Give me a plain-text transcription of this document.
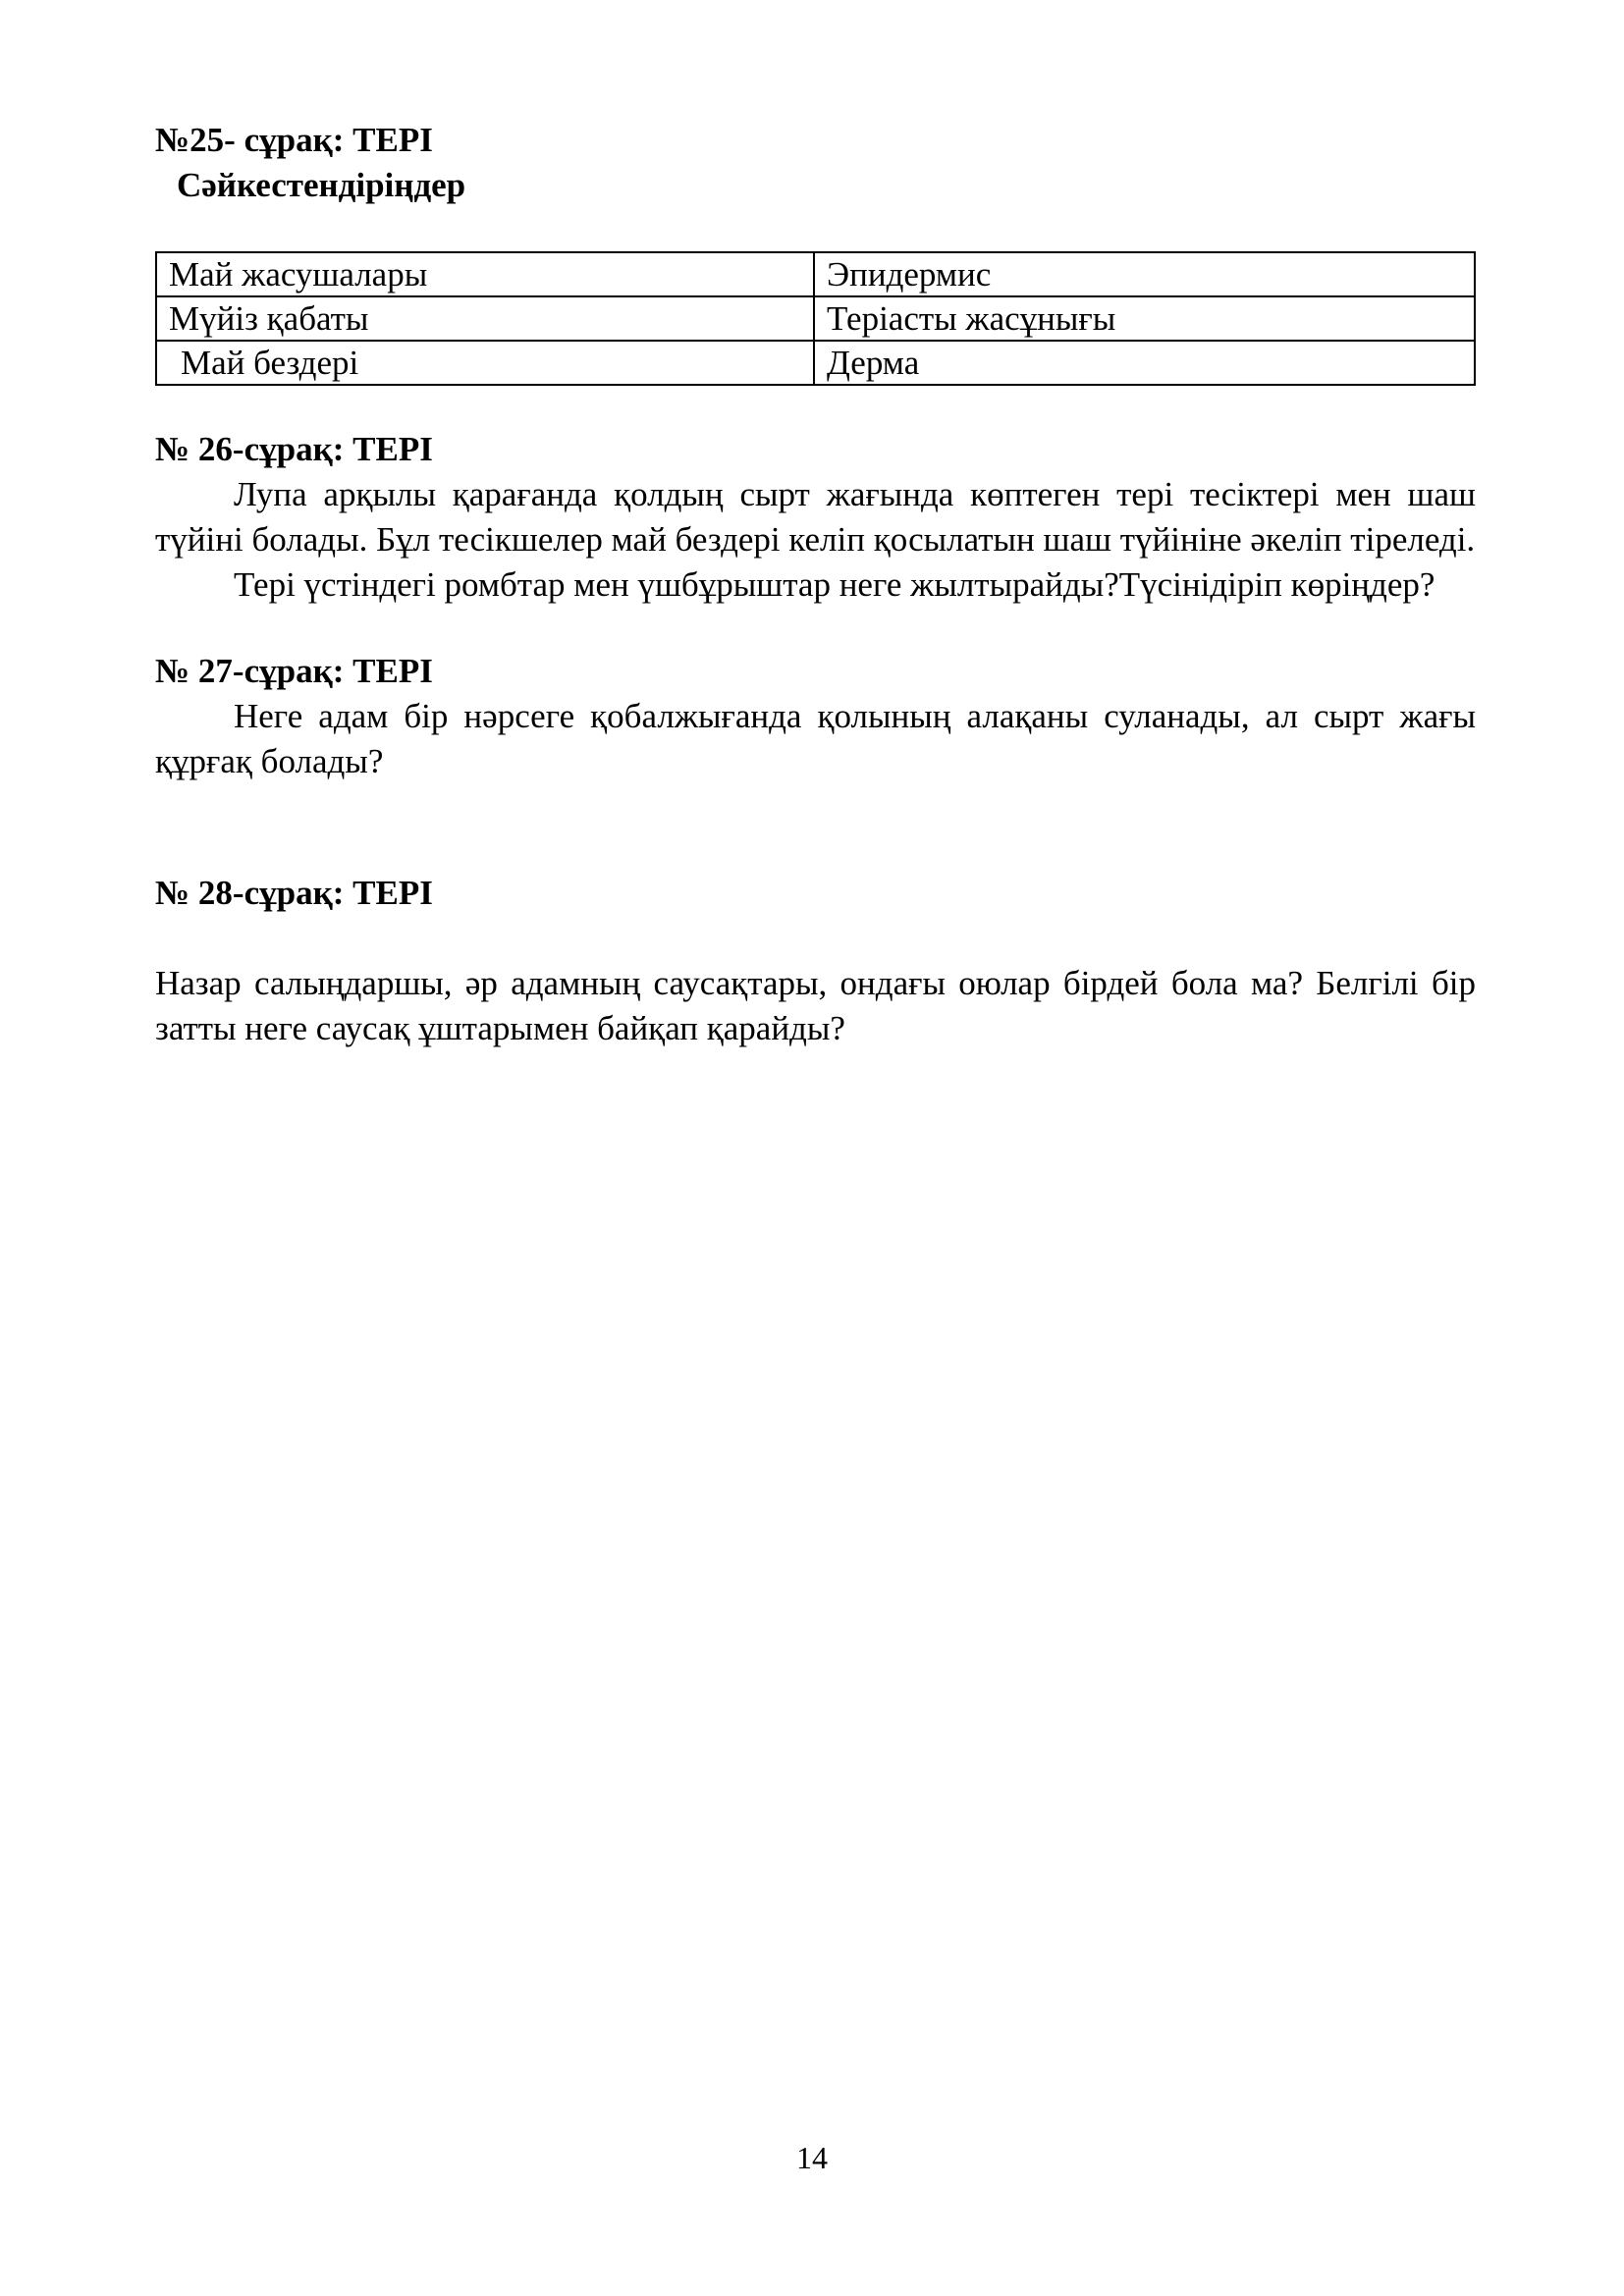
№25- сұрақ: ТЕРІ

Сәйкестендіріңдер

Май жасушалары	Эпидермис
Мүйіз қабаты	Теріасты жасұнығы
Май бездері	Дерма

№ 26-сұрақ: ТЕРІ

Лупа арқылы қарағанда қолдың сырт жағында көптеген тері тесіктері мен шаш түйіні болады. Бұл тесікшелер май бездері келіп қосылатын шаш түйініне әкеліп тіреледі.

Тері үстіндегі ромбтар мен үшбұрыштар неге жылтырайды?Түсінідіріп көріңдер?

№ 27-сұрақ: ТЕРІ

Неге адам бір нәрсеге қобалжығанда қолының алақаны суланады, ал сырт жағы құрғақ болады?

№ 28-сұрақ: ТЕРІ

Назар салыңдаршы, әр адамның саусақтары, ондағы оюлар бірдей бола ма? Белгілі бір затты неге саусақ ұштарымен байқап қарайды?

14
